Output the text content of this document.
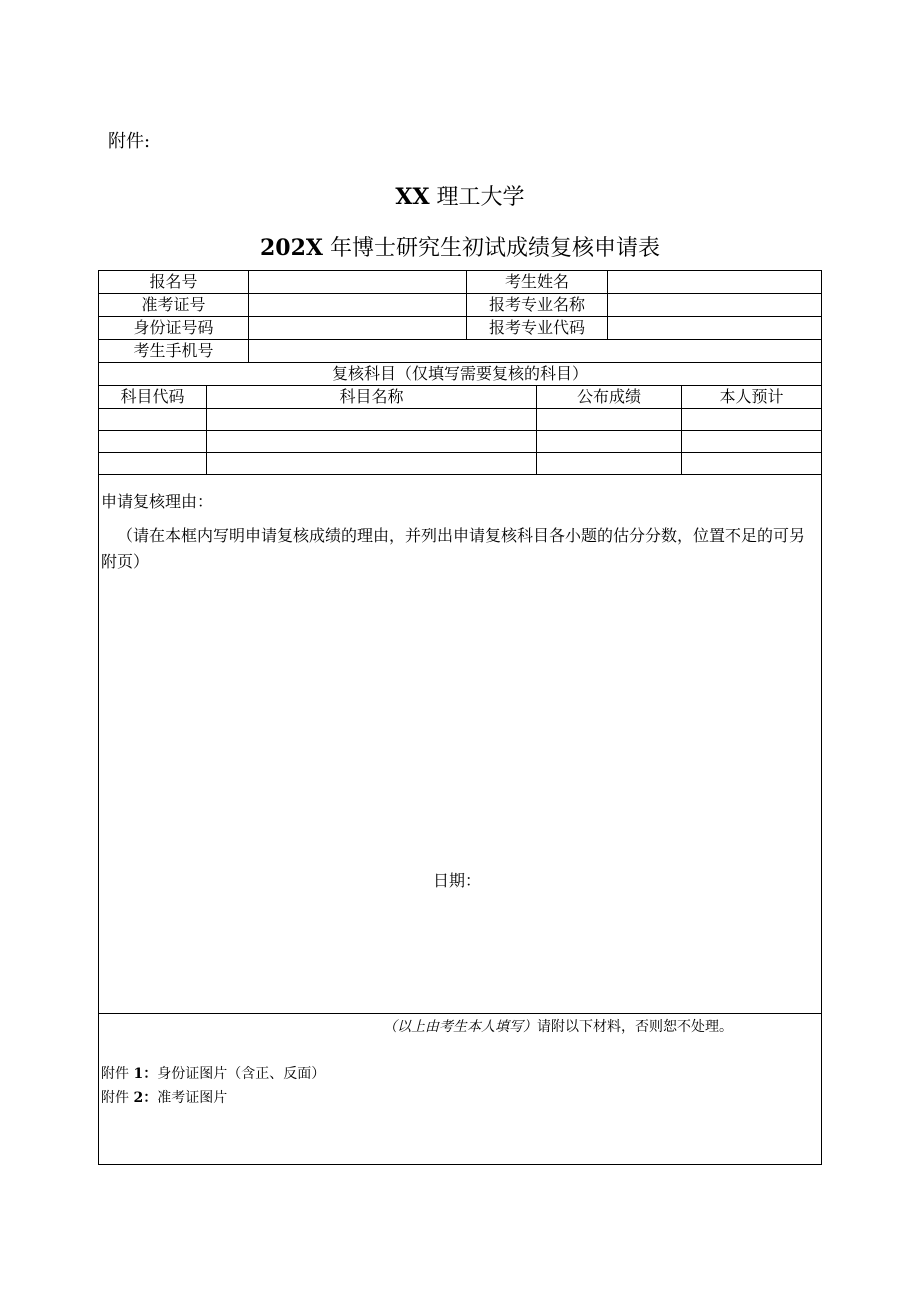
附件:
XX 理工大学
202X 年博士研究生初试成绩复核申请表
报名号	考生姓名
准考证号	报考专业名称
身份证号码	报考专业代码
考生手机号
复核科目（仅填写需要复核的科目）
科目代码	科目名称	公布成绩	本人预计
申请复核理由：
（请在本框内写明申请复核成绩的理由，并列出申请复核科目各小题的估分分数，位置不足的可另附页）
日期：
（以上由考生本人填写）请附以下材料，否则恕不处理。
附件 1：身份证图片（含正、反面）
附件 2：准考证图片
